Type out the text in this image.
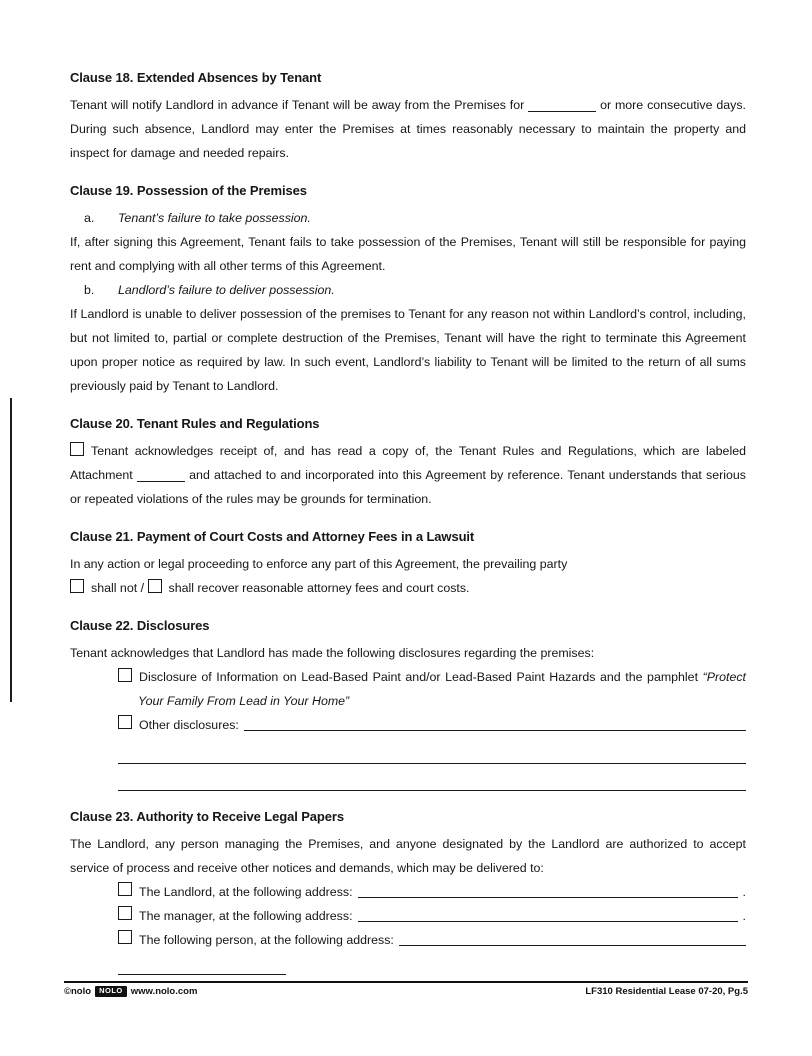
Clause 18. Extended Absences by Tenant

Tenant will notify Landlord in advance if Tenant will be away from the Premises for	or more consecutive days. During such absence, Landlord may enter the Premises at times reasonably necessary to maintain the property and inspect for damage and needed repairs.

Clause 19. Possession of the Premises

a. Tenant’s failure to take possession.

If, after signing this Agreement, Tenant fails to take possession of the Premises, Tenant will still be responsible for paying rent and complying with all other terms of this Agreement.

b. Landlord’s failure to deliver possession.

If Landlord is unable to deliver possession of the premises to Tenant for any reason not within Landlord’s control, including, but not limited to, partial or complete destruction of the Premises, Tenant will have the right to terminate this Agreement upon proper notice as required by law. In such event, Landlord’s liability to Tenant will be limited to the return of all sums previously paid by Tenant to Landlord.

Clause 20. Tenant Rules and Regulations

Tenant acknowledges receipt of, and has read a copy of, the Tenant Rules and Regulations, which are labeled Attachment	and attached to and incorporated into this Agreement by reference. Tenant understands that serious or repeated violations of the rules may be grounds for termination.

Clause 21. Payment of Court Costs and Attorney Fees in a Lawsuit

In any action or legal proceeding to enforce any part of this Agreement, the prevailing party

shall not / shall recover reasonable attorney fees and court costs.

Clause 22. Disclosures

Tenant acknowledges that Landlord has made the following disclosures regarding the premises:

Disclosure of Information on Lead-Based Paint and/or Lead-Based Paint Hazards and the pamphlet “Protect Your Family From Lead in Your Home”
Other disclosures:
Clause 23. Authority to Receive Legal Papers

The Landlord, any person managing the Premises, and anyone designated by the Landlord are authorized to accept service of process and receive other notices and demands, which may be delivered to:

The Landlord, at the following address:	.
The manager, at the following address:	.
The following person, at the following address:
©nolo	NOLO www.nolo.com	LF310 Residential Lease 07-20, Pg.5
